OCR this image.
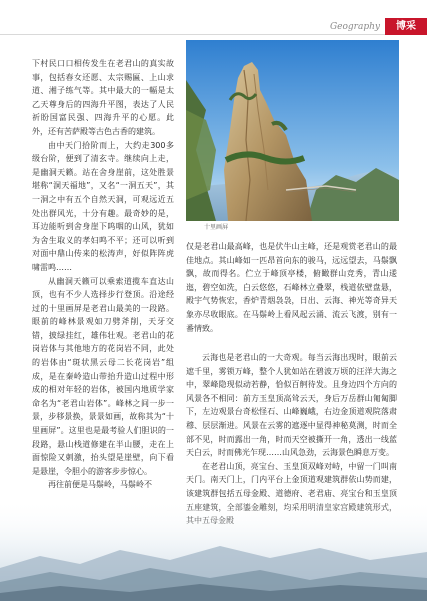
Geography	博采
十里画屏

下村民口口相传发生在老君山的真实故事，包括春女还愿、太宗赐匾、上山求道、湘子练气等。其中最大的一幅是太乙天尊身后的四海升平图，表达了人民祈盼国富民强、四海升平的心愿。此外，还有苦萨殿等古色古香的建筑。

由中天门拾阶而上，大约走300多级台阶，便到了清玄寺。继续向上走，是幽洞天籁。站在舍身崖前，这处胜景堪称“洞天福地”，又名“一洞五天”，其一洞之中有五个自然天洞，可观远近五处出群风光，十分有趣。最奇妙的是，耳边能听到舍身崖下呜咽的山风，犹如为舍生取义的孝妇鸣不平；还可以听到对面中鼎山传来的松涛声，好似阵阵虎啸雷鸣……

从幽洞天籁可以乘索道揽车直达山顶，也有不少人选择步行登顶。沿途经过的十里画屏是老君山最美的一段路。眼前的峰林景观如刀劈斧削，天牙交错，披绿挂红，雄伟壮观。老君山的花岗岩体与其他地方的花岗岩不同，此处的岩体由“斑状黑云母二长花岗岩”组成，是在秦岭造山带抬升造山过程中形成的相对年轻的岩体，被国内地质学家命名为“老君山岩体”。峰林之间一步一景，步移景换，景景如画，故称其为“十里画屏”。这里也是最考验人们胆识的一段路，悬山栈道修建在半山腰，走在上面惊险又刺激，抬头望是崖壁，向下看是悬崖，令胆小的游客步步惊心。

再往前便是马鬃岭，马鬃岭不

仅是老君山最高峰，也是伏牛山主峰，还是观赏老君山的最佳地点。其山峰如一匹昂首向东的骏马，远远望去，马鬃飘飘，故而得名。伫立于峰顶亭楼，俯瞰群山竞秀，青山逶迤，碧空如洗，白云悠悠，石峰林立叠翠，栈道依壁盘悬，殿宇气势恢宏，香炉青烟袅袅，日出、云海、神光等奇异天象亦尽收眼底。在马鬃岭上看风起云涌、流云飞渡，别有一番情致。

云海也是老君山的一大奇观。每当云海出现时，眼前云遮千里，雾锁万峰，整个人犹如站在碧波万顷的汪洋大海之中，翠峰隐现似动若静，恰似百舸待发。且身边四个方向的风景各不相同：前方玉皇顶高耸云天，身后万岳群山匍匐脚下，左边观景台奇松怪石、山峰巍峨，右边金顶道观院落肃穆、层层渐进。风景在云雾的遮逐中显得神秘莫测，时而全部不见，时而露出一角，时而天空被撕开一角，透出一线蓝天白云，时而佛光乍现……山风急劲，云海景色瞬息万变。

在老君山顶，亮宝台、玉皇顶双峰对峙，中留一门叫南天门。南天门上，门内平台上金顶道观建筑群依山势而建，该建筑群包括五母金殿、道德府、老君庙、亮宝台和玉皇顶
